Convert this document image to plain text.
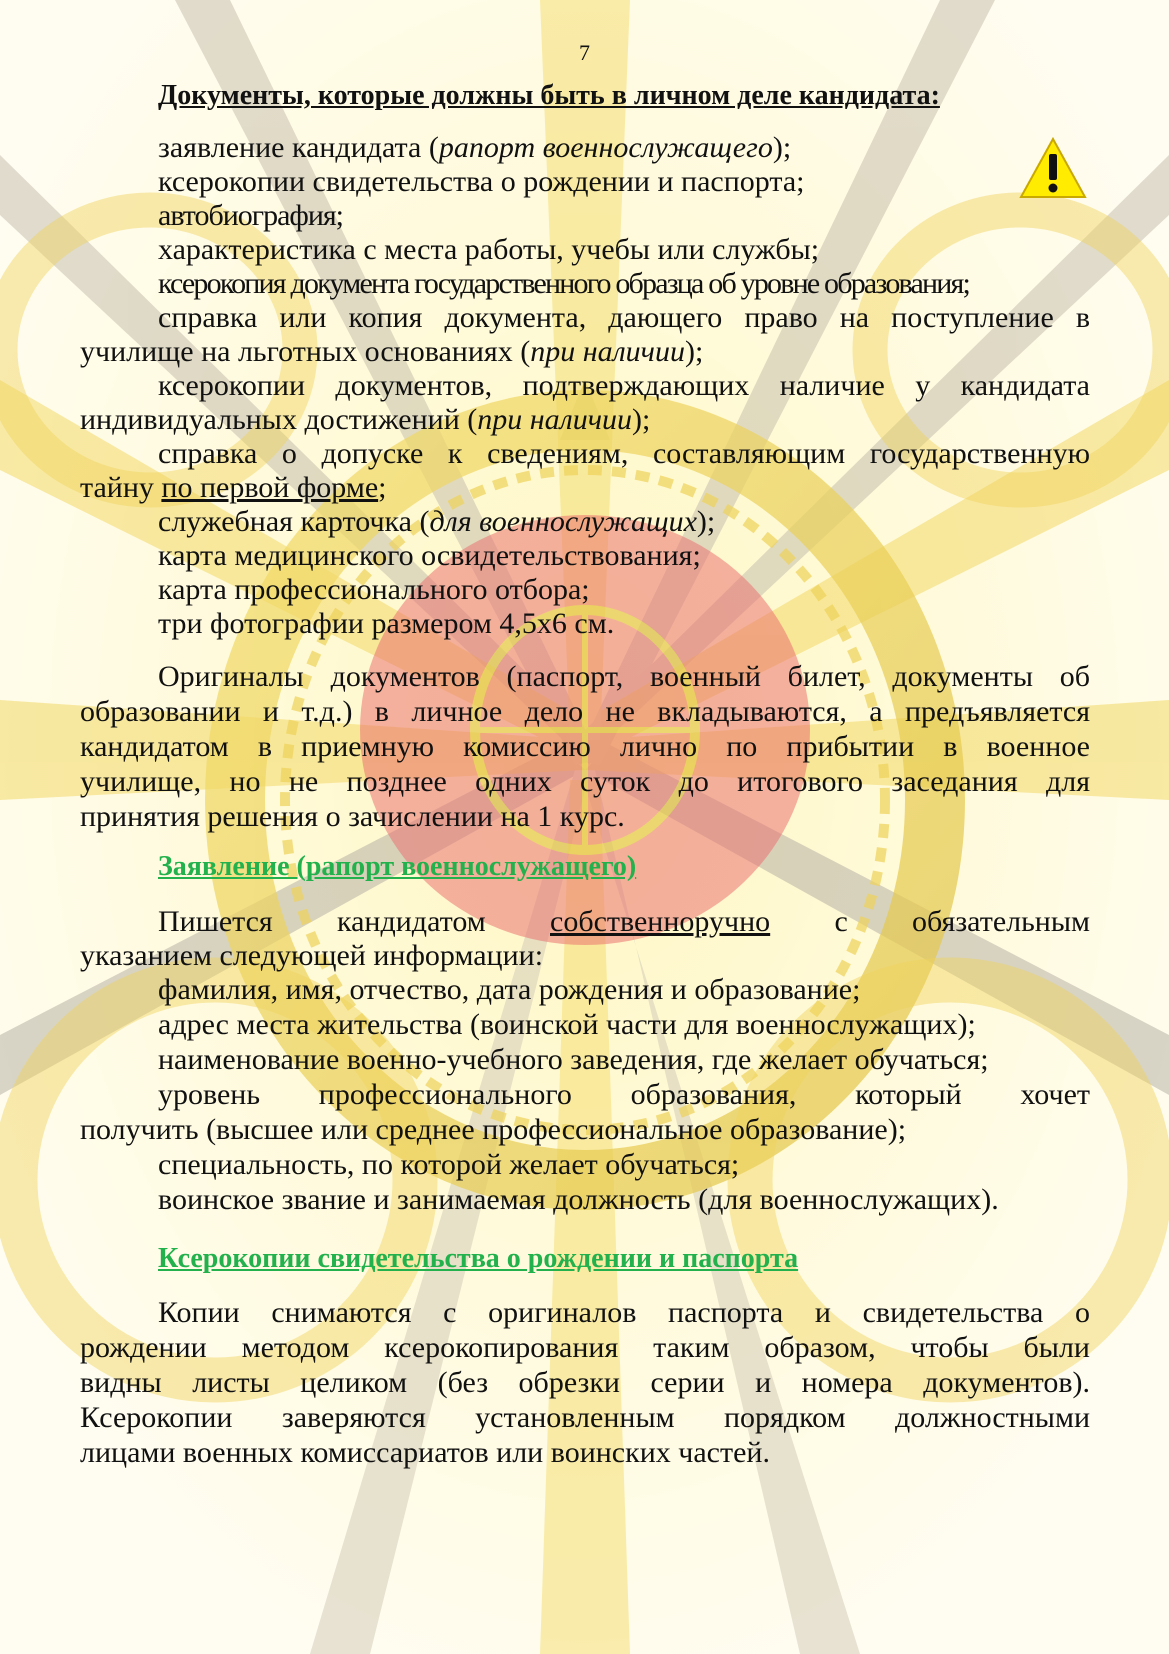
7
Документы, которые должны быть в личном деле кандидата:
заявление кандидата (рапорт военнослужащего);
ксерокопии свидетельства о рождении и паспорта;
автобиография;
характеристика с места работы, учебы или службы;
ксерокопия документа государственного образца об уровне образования;
справка или копия документа, дающего право на поступление в
училище на льготных основаниях (при наличии);
ксерокопии документов, подтверждающих наличие у кандидата
индивидуальных достижений (при наличии);
справка о допуске к сведениям, составляющим государственную
тайну по первой форме;
служебная карточка (для военнослужащих);
карта медицинского освидетельствования;
карта профессионального отбора;
три фотографии размером 4,5х6 см.
Оригиналы документов (паспорт, военный билет, документы об
образовании и т.д.) в личное дело не вкладываются, а предъявляется
кандидатом в приемную комиссию лично по прибытии в военное
училище, но не позднее одних суток до итогового заседания для
принятия решения о зачислении на 1 курс.
Заявление (рапорт военнослужащего)
Пишется кандидатом собственноручно с обязательным
указанием следующей информации:
фамилия, имя, отчество, дата рождения и образование;
адрес места жительства (воинской части для военнослужащих);
наименование военно-учебного заведения, где желает обучаться;
уровень профессионального образования, который хочет
получить (высшее или среднее профессиональное образование);
специальность, по которой желает обучаться;
воинское звание и занимаемая должность (для военнослужащих).
Ксерокопии свидетельства о рождении и паспорта
Копии снимаются с оригиналов паспорта и свидетельства о
рождении методом ксерокопирования таким образом, чтобы были
видны листы целиком (без обрезки серии и номера документов).
Ксерокопии заверяются установленным порядком должностными
лицами военных комиссариатов или воинских частей.
